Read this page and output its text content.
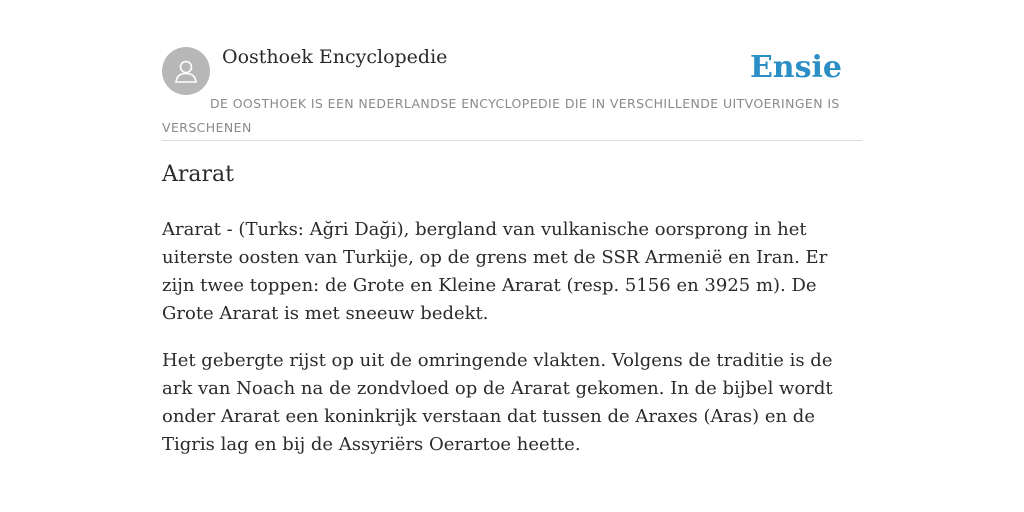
Oosthoek Encyclopedie	Ensie
DE OOSTHOEK IS EEN NEDERLANDSE ENCYCLOPEDIE DIE IN VERSCHILLENDE UITVOERINGEN IS VERSCHENEN
Ararat

Ararat - (Turks: Ağri Daği), bergland van vulkanische oorsprong in het uiterste oosten van Turkije, op de grens met de SSR Armenië en Iran. Er zijn twee toppen: de Grote en Kleine Ararat (resp. 5156 en 3925 m). De Grote Ararat is met sneeuw bedekt.

Het gebergte rijst op uit de omringende vlakten. Volgens de traditie is de ark van Noach na de zondvloed op de Ararat gekomen. In de bijbel wordt onder Ararat een koninkrijk verstaan dat tussen de Araxes (Aras) en de Tigris lag en bij de Assyriërs Oerartoe heette.
